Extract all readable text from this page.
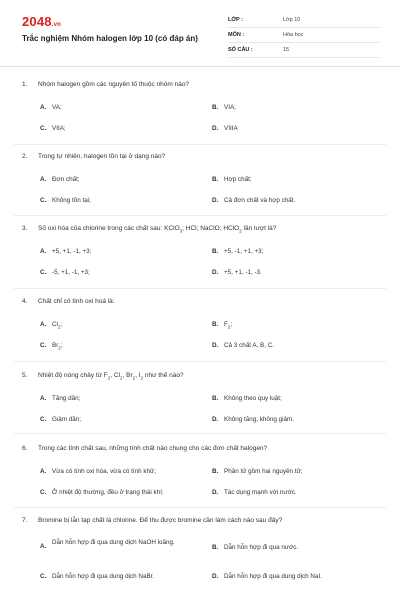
2048.vn
Trắc nghiệm Nhóm halogen lớp 10 (có đáp án)
LỚP :	Lớp 10
MÔN :	Hóa học
SỐ CÂU :	15
1. Nhóm halogen gồm các nguyên tố thuộc nhóm nào?
A. VA;	B. VIA;
C. VIIA;	D. VIIIA
2. Trong tự nhiên, halogen tồn tại ở dạng nào?
A. Đơn chất;	B. Hợp chất;
C. Không tồn tại;	D. Cả đơn chất và hợp chất.
3. Số oxi hóa của chlorine trong các chất sau: KClO$_3$; HCl; NaClO; HClO$_2$ lần lượt là?
A. +5, +1, -1, +3;	B. +5, -1, +1, +3;
C. -5, +1, -1, +3;	D. +5, +1, -1, -3.
4. Chất chỉ có tính oxi hoá là:
A. $Cl_2$;	B. $F_2$;
C. $Br_2$;	D. Cả 3 chất A, B, C.
5. Nhiệt độ nóng chảy từ $F_2$, $Cl_2$, $Br_2$, $I_2$ như thế nào?
A. Tăng dần;	B. Không theo quy luật;
C. Giảm dần;	D. Không tăng, không giảm.
6. Trong các tính chất sau, những tính chất nào chung cho các đơn chất halogen?
A. Vừa có tính oxi hóa, vừa có tính khử;	B. Phân tử gồm hai nguyên tử;
C. Ở nhiệt độ thường, đều ở trạng thái khí;	D. Tác dụng mạnh với nước.
7. Bromine bị lẫn tạp chất là chlorine. Để thu được bromine cần làm cách nào sau đây?
A.
Dẫn hỗn hợp đi qua dung dịch NaOH loãng.
B. Dẫn hỗn hợp đi qua nước.
C. Dẫn hỗn hợp đi qua dung dịch NaBr.	D. Dẫn hỗn hợp đi qua dung dịch NaI.
